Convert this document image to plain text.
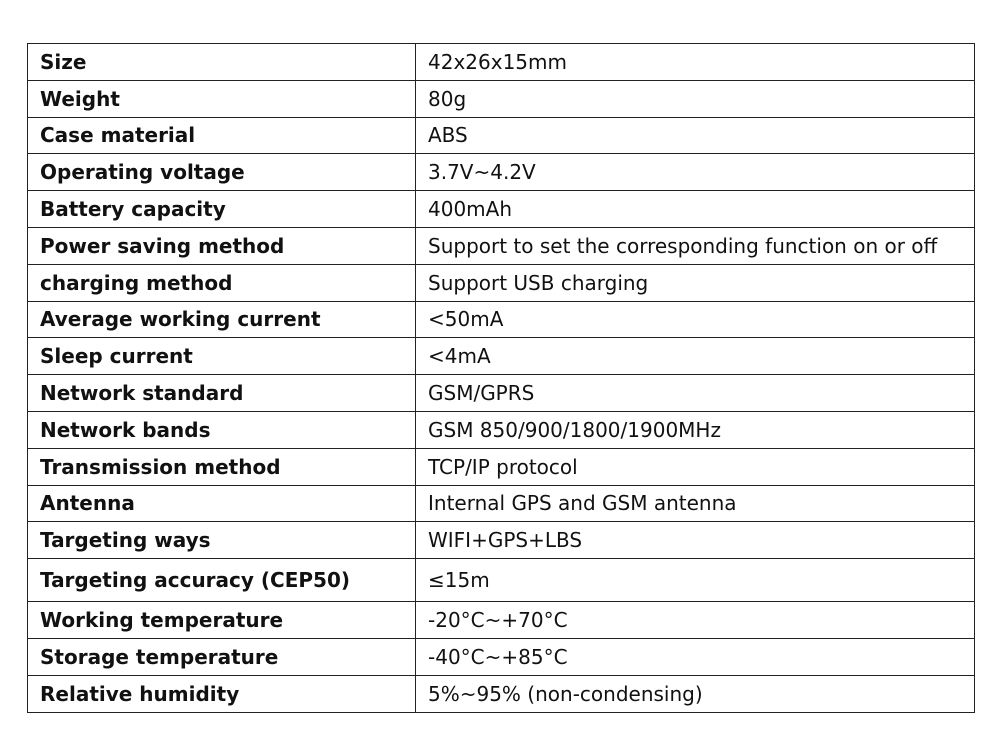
Size	42x26x15mm
Weight	80g
Case material	ABS
Operating voltage	3.7V~4.2V
Battery capacity	400mAh
Power saving method	Support to set the corresponding function on or off
charging method	Support USB charging
Average working current	<50mA
Sleep current	<4mA
Network standard	GSM/GPRS
Network bands	GSM 850/900/1800/1900MHz
Transmission method	TCP/IP protocol
Antenna	Internal GPS and GSM antenna
Targeting ways	WIFI+GPS+LBS
Targeting accuracy (CEP50)	≤15m
Working temperature	-20°C~+70°C
Storage temperature	-40°C~+85°C
Relative humidity	5%~95% (non-condensing)
